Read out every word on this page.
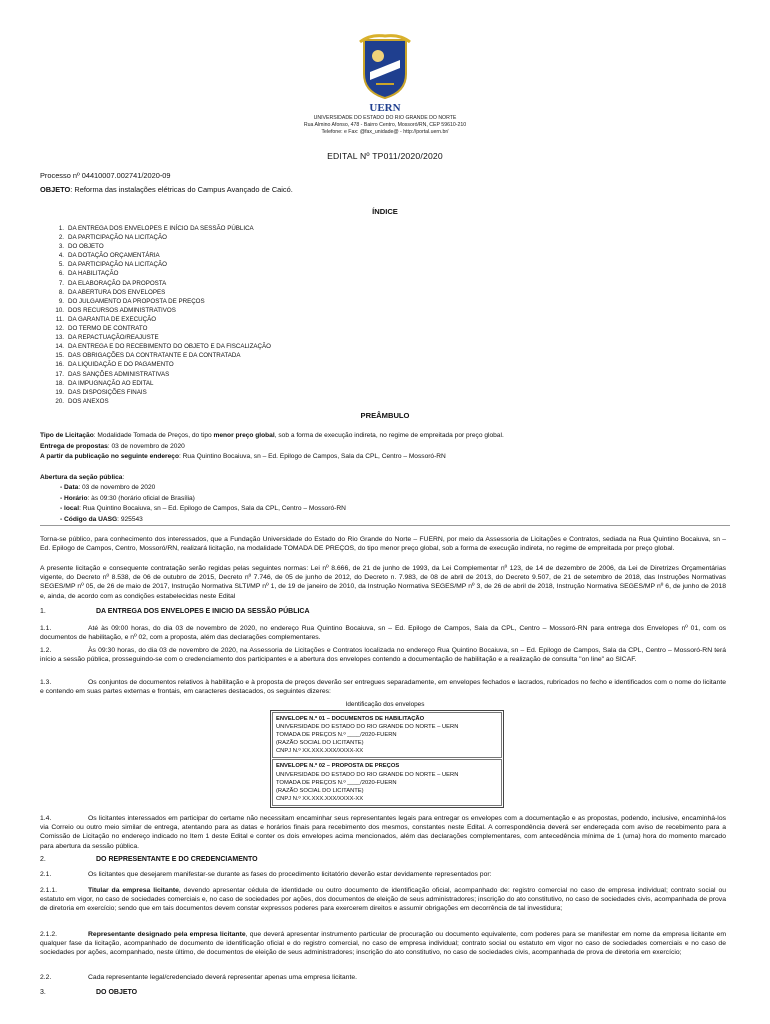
UERN
UNIVERSIDADE DO ESTADO DO RIO GRANDE DO NORTE
Rua Almino Afonso, 478 - Bairro Centro, Mossoró/RN, CEP 59610-210
Telefone: e Fax: @fax_unidade@ - http://portal.uern.br/
EDITAL Nº TP011/2020/2020
Processo nº 04410007.002741/2020-09
OBJETO: Reforma das instalações elétricas do Campus Avançado de Caicó.
ÍNDICE
1. DA ENTREGA DOS ENVELOPES E INÍCIO DA SESSÃO PÚBLICA
2. DA PARTICIPAÇÃO NA LICITAÇÃO
3. DO OBJETO
4. DA DOTAÇÃO ORÇAMENTÁRIA
5. DA PARTICIPAÇÃO NA LICITAÇÃO
6. DA HABILITAÇÃO
7. DA ELABORAÇÃO DA PROPOSTA
8. DA ABERTURA DOS ENVELOPES
9. DO JULGAMENTO DA PROPOSTA DE PREÇOS
10. DOS RECURSOS ADMINISTRATIVOS
11. DA GARANTIA DE EXECUÇÃO
12. DO TERMO DE CONTRATO
13. DA REPACTUAÇÃO/REAJUSTE
14. DA ENTREGA E DO RECEBIMENTO DO OBJETO E DA FISCALIZAÇÃO
15. DAS OBRIGAÇÕES DA CONTRATANTE E DA CONTRATADA
16. DA LIQUIDAÇÃO E DO PAGAMENTO
17. DAS SANÇÕES ADMINISTRATIVAS
18. DA IMPUGNAÇÃO AO EDITAL
19. DAS DISPOSIÇÕES FINAIS
20. DOS ANEXOS
PREÂMBULO
Tipo de Licitação: Modalidade Tomada de Preços, do tipo menor preço global, sob a forma de execução indireta, no regime de empreitada por preço global.
Entrega de propostas: 03 de novembro de 2020
A partir da publicação no seguinte endereço: Rua Quintino Bocaiuva, sn – Ed. Epilogo de Campos, Sala da CPL, Centro – Mossoró-RN
Abertura da seção pública:
- Data: 03 de novembro de 2020
- Horário: às 09:30 (horário oficial de Brasília)
- local: Rua Quintino Bocaiuva, sn – Ed. Epilogo de Campos, Sala da CPL, Centro – Mossoró-RN
- Código da UASG: 925543
Torna-se público, para conhecimento dos interessados, que a Fundação Universidade do Estado do Rio Grande do Norte – FUERN, por meio da Assessoria de Licitações e Contratos, sediada na Rua Quintino Bocaiuva, sn – Ed. Epilogo de Campos, Centro, Mossoró/RN, realizará licitação, na modalidade TOMADA DE PREÇOS, do tipo menor preço global, sob a forma de execução indireta, no regime de empreitada por preço global.
A presente licitação e consequente contratação serão regidas pelas seguintes normas: Lei nº 8.666, de 21 de junho de 1993, da Lei Complementar nº 123, de 14 de dezembro de 2006, da Lei de Diretrizes Orçamentárias vigente, do Decreto nº 8.538, de 06 de outubro de 2015, Decreto nº 7.746, de 05 de junho de 2012, do Decreto n. 7.983, de 08 de abril de 2013, do Decreto 9.507, de 21 de setembro de 2018, das Instruções Normativas SEGES/MP nº 05, de 26 de maio de 2017, Instrução Normativa SLTI/MP nº 1, de 19 de janeiro de 2010, da Instrução Normativa SEGES/MP nº 3, de 26 de abril de 2018, Instrução Normativa SEGES/MP nº 6, de junho de 2018 e, ainda, de acordo com as condições estabelecidas neste Edital
1.	DA ENTREGA DOS ENVELOPES E INICIO DA SESSÃO PÚBLICA
1.1.	Até às 09:00 horas, do dia 03 de novembro de 2020, no endereço Rua Quintino Bocaiuva, sn – Ed. Epilogo de Campos, Sala da CPL, Centro – Mossoró-RN para entrega dos Envelopes nº 01, com os documentos de habilitação, e nº 02, com a proposta, além das declarações complementares.
1.2.	Às 09:30 horas, do dia 03 de novembro de 2020, na Assessoria de Licitações e Contratos localizada no endereço Rua Quintino Bocaiuva, sn – Ed. Epilogo de Campos, Sala da CPL, Centro – Mossoró-RN terá início a sessão pública, prosseguindo-se com o credenciamento dos participantes e a abertura dos envelopes contendo a documentação de habilitação e a realização de consulta "on line" ao SICAF.
1.3.	Os conjuntos de documentos relativos à habilitação e à proposta de preços deverão ser entregues separadamente, em envelopes fechados e lacrados, rubricados no fecho e identificados com o nome do licitante e contendo em suas partes externas e frontais, em caracteres destacados, os seguintes dizeres:
Identificação dos envelopes
ENVELOPE N.º 01 – DOCUMENTOS DE HABILITAÇÃO
UNIVERSIDADE DO ESTADO DO RIO GRANDE DO NORTE – UERN
TOMADA DE PREÇOS N.º ____/2020-FUERN
(RAZÃO SOCIAL DO LICITANTE)
CNPJ N.º XX.XXX.XXX/XXXX-XX
ENVELOPE N.º 02 – PROPOSTA DE PREÇOS
UNIVERSIDADE DO ESTADO DO RIO GRANDE DO NORTE – UERN
TOMADA DE PREÇOS N.º ____/2020-FUERN
(RAZÃO SOCIAL DO LICITANTE)
CNPJ N.º XX.XXX.XXX/XXXX-XX
1.4.	Os licitantes interessados em participar do certame não necessitam encaminhar seus representantes legais para entregar os envelopes com a documentação e as propostas, podendo, inclusive, encaminhá-los via Correio ou outro meio similar de entrega, atentando para as datas e horários finais para recebimento dos mesmos, constantes neste Edital. A correspondência deverá ser endereçada com aviso de recebimento para a Comissão de Licitação no endereço indicado no Item 1 deste Edital e conter os dois envelopes acima mencionados, além das declarações complementares, com antecedência mínima de 1 (uma) hora do momento marcado para abertura da sessão pública.
2.	DO REPRESENTANTE E DO CREDENCIAMENTO
2.1.	Os licitantes que desejarem manifestar-se durante as fases do procedimento licitatório deverão estar devidamente representados por:
2.1.1.	Titular da empresa licitante, devendo apresentar cédula de identidade ou outro documento de identificação oficial, acompanhado de: registro comercial no caso de empresa individual; contrato social ou estatuto em vigor, no caso de sociedades comerciais e, no caso de sociedades por ações, dos documentos de eleição de seus administradores; inscrição do ato constitutivo, no caso de sociedades civis, acompanhada de prova de diretoria em exercício; sendo que em tais documentos devem constar expressos poderes para exercerem direitos e assumir obrigações em decorrência de tal investidura;
2.1.2.	Representante designado pela empresa licitante, que deverá apresentar instrumento particular de procuração ou documento equivalente, com poderes para se manifestar em nome da empresa licitante em qualquer fase da licitação, acompanhado de documento de identificação oficial e do registro comercial, no caso de empresa individual; contrato social ou estatuto em vigor no caso de sociedades comerciais e no caso de sociedades por ações, acompanhado, neste último, de documentos de eleição de seus administradores; inscrição do ato constitutivo, no caso de sociedades civis, acompanhada de prova de diretoria em exercício;
2.2.	Cada representante legal/credenciado deverá representar apenas uma empresa licitante.
3.	DO OBJETO
